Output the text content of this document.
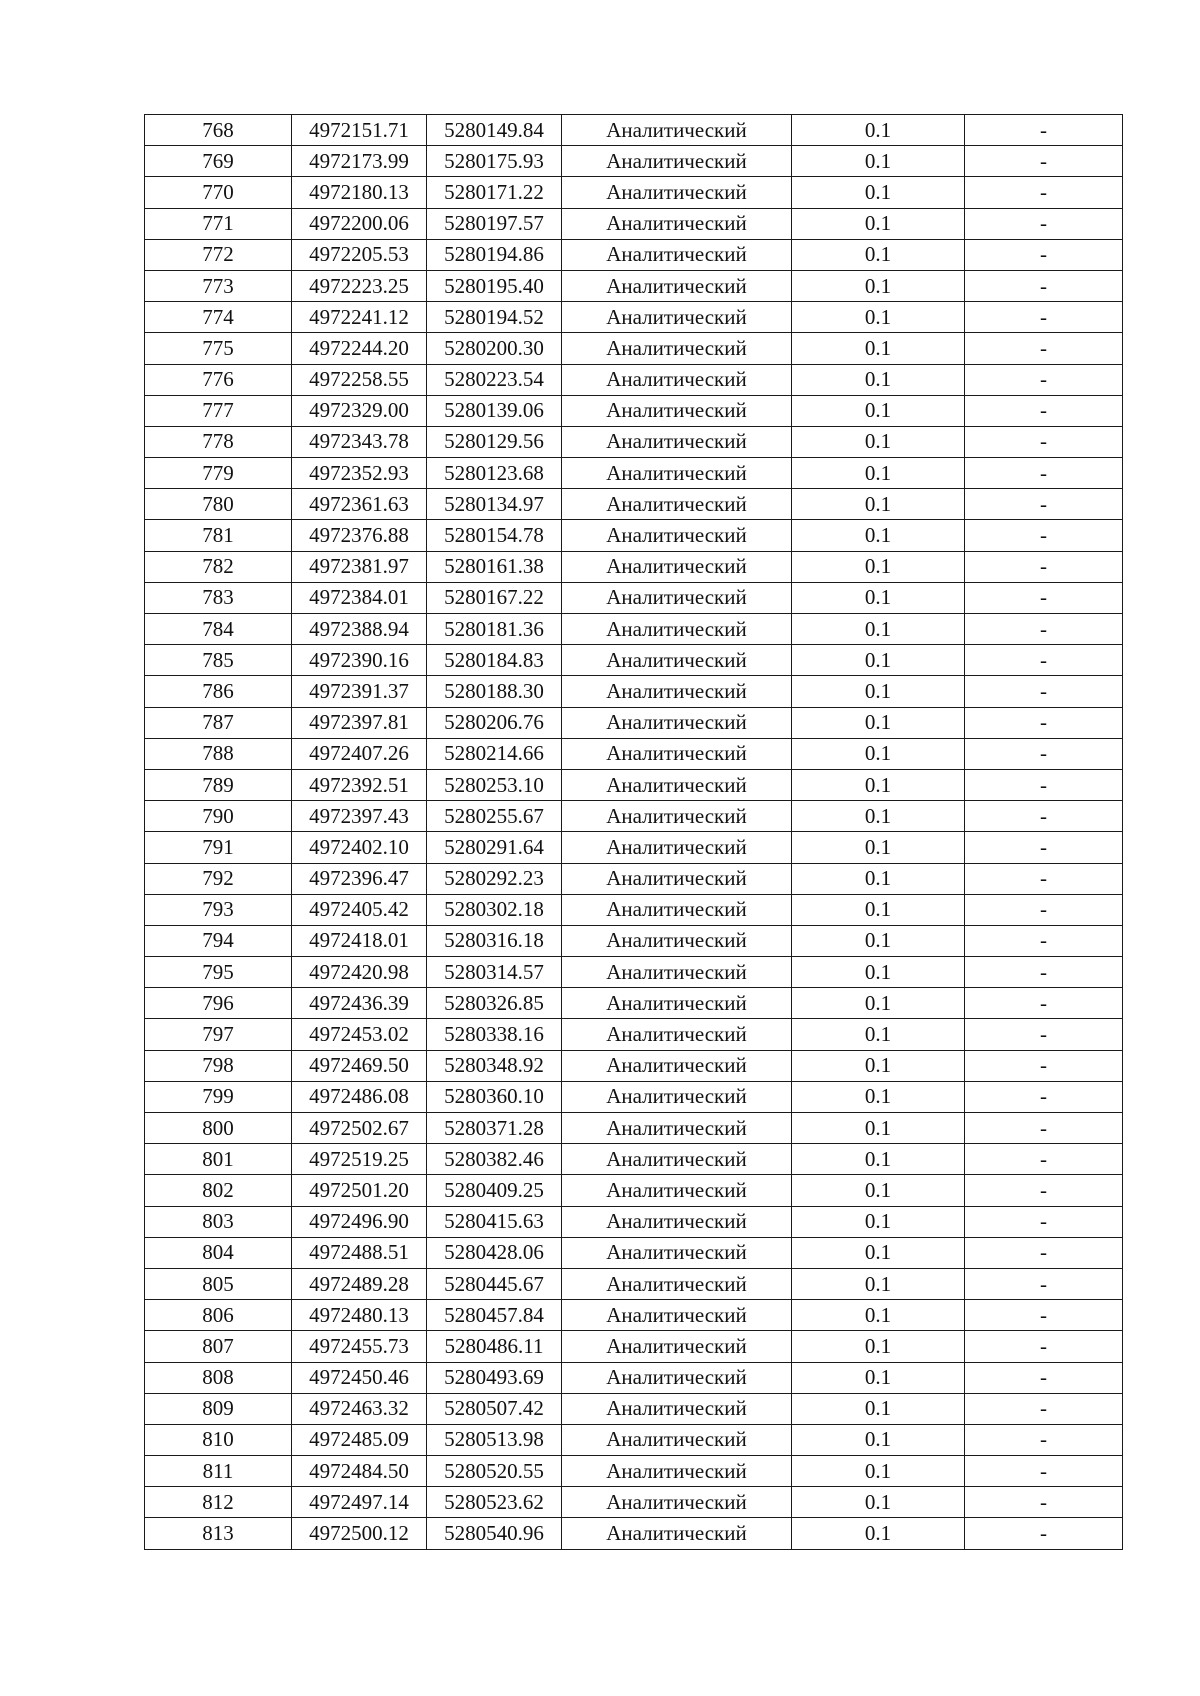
768	4972151.71	5280149.84	Аналитический	0.1	-
769	4972173.99	5280175.93	Аналитический	0.1	-
770	4972180.13	5280171.22	Аналитический	0.1	-
771	4972200.06	5280197.57	Аналитический	0.1	-
772	4972205.53	5280194.86	Аналитический	0.1	-
773	4972223.25	5280195.40	Аналитический	0.1	-
774	4972241.12	5280194.52	Аналитический	0.1	-
775	4972244.20	5280200.30	Аналитический	0.1	-
776	4972258.55	5280223.54	Аналитический	0.1	-
777	4972329.00	5280139.06	Аналитический	0.1	-
778	4972343.78	5280129.56	Аналитический	0.1	-
779	4972352.93	5280123.68	Аналитический	0.1	-
780	4972361.63	5280134.97	Аналитический	0.1	-
781	4972376.88	5280154.78	Аналитический	0.1	-
782	4972381.97	5280161.38	Аналитический	0.1	-
783	4972384.01	5280167.22	Аналитический	0.1	-
784	4972388.94	5280181.36	Аналитический	0.1	-
785	4972390.16	5280184.83	Аналитический	0.1	-
786	4972391.37	5280188.30	Аналитический	0.1	-
787	4972397.81	5280206.76	Аналитический	0.1	-
788	4972407.26	5280214.66	Аналитический	0.1	-
789	4972392.51	5280253.10	Аналитический	0.1	-
790	4972397.43	5280255.67	Аналитический	0.1	-
791	4972402.10	5280291.64	Аналитический	0.1	-
792	4972396.47	5280292.23	Аналитический	0.1	-
793	4972405.42	5280302.18	Аналитический	0.1	-
794	4972418.01	5280316.18	Аналитический	0.1	-
795	4972420.98	5280314.57	Аналитический	0.1	-
796	4972436.39	5280326.85	Аналитический	0.1	-
797	4972453.02	5280338.16	Аналитический	0.1	-
798	4972469.50	5280348.92	Аналитический	0.1	-
799	4972486.08	5280360.10	Аналитический	0.1	-
800	4972502.67	5280371.28	Аналитический	0.1	-
801	4972519.25	5280382.46	Аналитический	0.1	-
802	4972501.20	5280409.25	Аналитический	0.1	-
803	4972496.90	5280415.63	Аналитический	0.1	-
804	4972488.51	5280428.06	Аналитический	0.1	-
805	4972489.28	5280445.67	Аналитический	0.1	-
806	4972480.13	5280457.84	Аналитический	0.1	-
807	4972455.73	5280486.11	Аналитический	0.1	-
808	4972450.46	5280493.69	Аналитический	0.1	-
809	4972463.32	5280507.42	Аналитический	0.1	-
810	4972485.09	5280513.98	Аналитический	0.1	-
811	4972484.50	5280520.55	Аналитический	0.1	-
812	4972497.14	5280523.62	Аналитический	0.1	-
813	4972500.12	5280540.96	Аналитический	0.1	-
